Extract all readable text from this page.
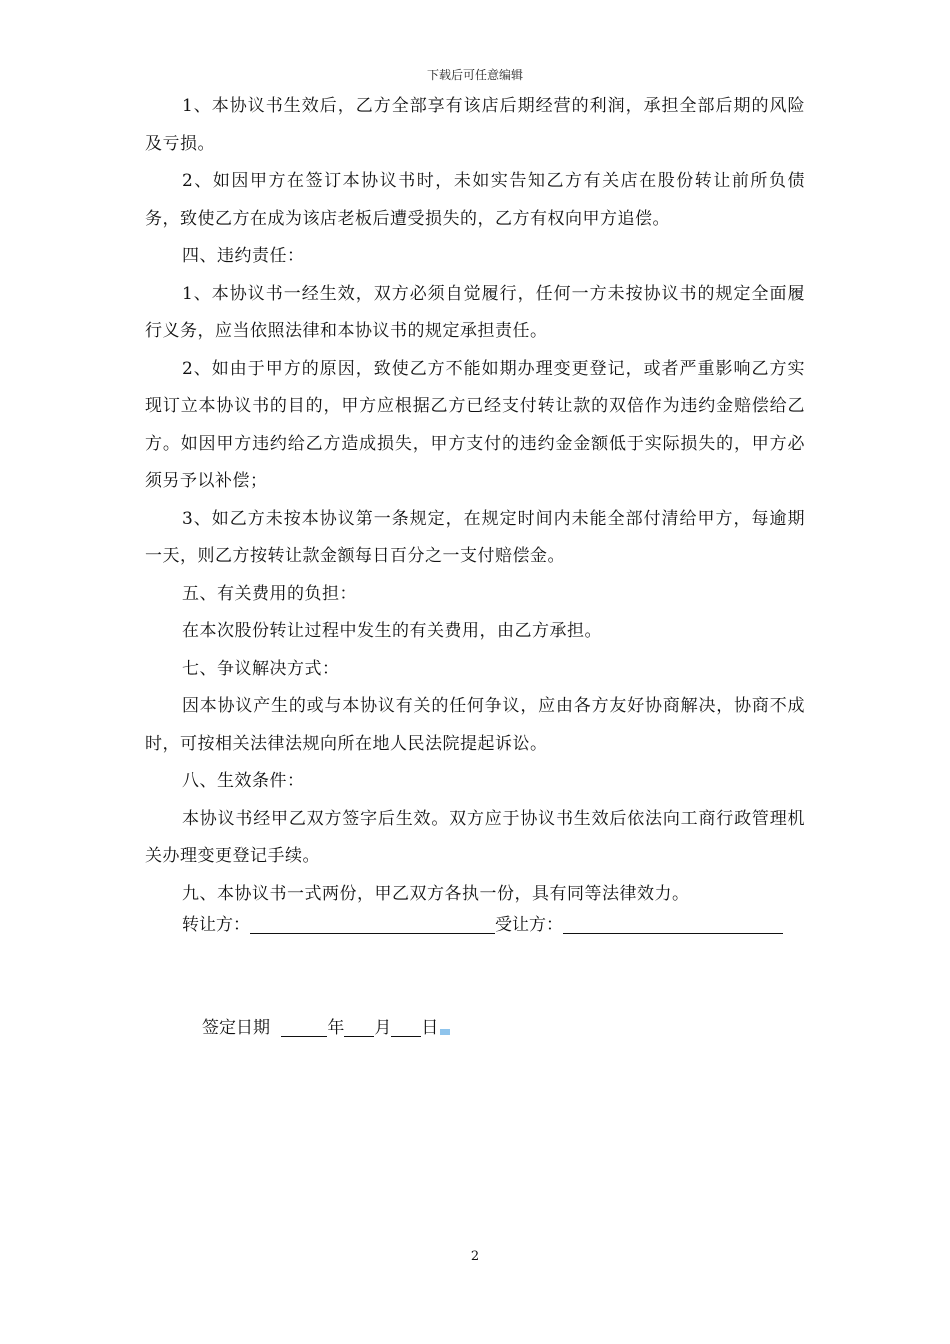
下载后可任意编辑
1、本协议书生效后，乙方全部享有该店后期经营的利润，承担全部后期的风险及亏损。
2、如因甲方在签订本协议书时，未如实告知乙方有关店在股份转让前所负债务，致使乙方在成为该店老板后遭受损失的，乙方有权向甲方追偿。
四、违约责任：
1、本协议书一经生效，双方必须自觉履行，任何一方未按协议书的规定全面履行义务，应当依照法律和本协议书的规定承担责任。
2、如由于甲方的原因，致使乙方不能如期办理变更登记，或者严重影响乙方实现订立本协议书的目的，甲方应根据乙方已经支付转让款的双倍作为违约金赔偿给乙方。如因甲方违约给乙方造成损失，甲方支付的违约金金额低于实际损失的，甲方必须另予以补偿；
3、如乙方未按本协议第一条规定，在规定时间内未能全部付清给甲方，每逾期一天，则乙方按转让款金额每日百分之一支付赔偿金。
五、有关费用的负担：
在本次股份转让过程中发生的有关费用，由乙方承担。
七、争议解决方式：
因本协议产生的或与本协议有关的任何争议，应由各方友好协商解决，协商不成时，可按相关法律法规向所在地人民法院提起诉讼。
八、生效条件：
本协议书经甲乙双方签字后生效。双方应于协议书生效后依法向工商行政管理机关办理变更登记手续。
九、本协议书一式两份，甲乙双方各执一份，具有同等法律效力。
转让方：	受让方：
签定日期	年 月 日
2
